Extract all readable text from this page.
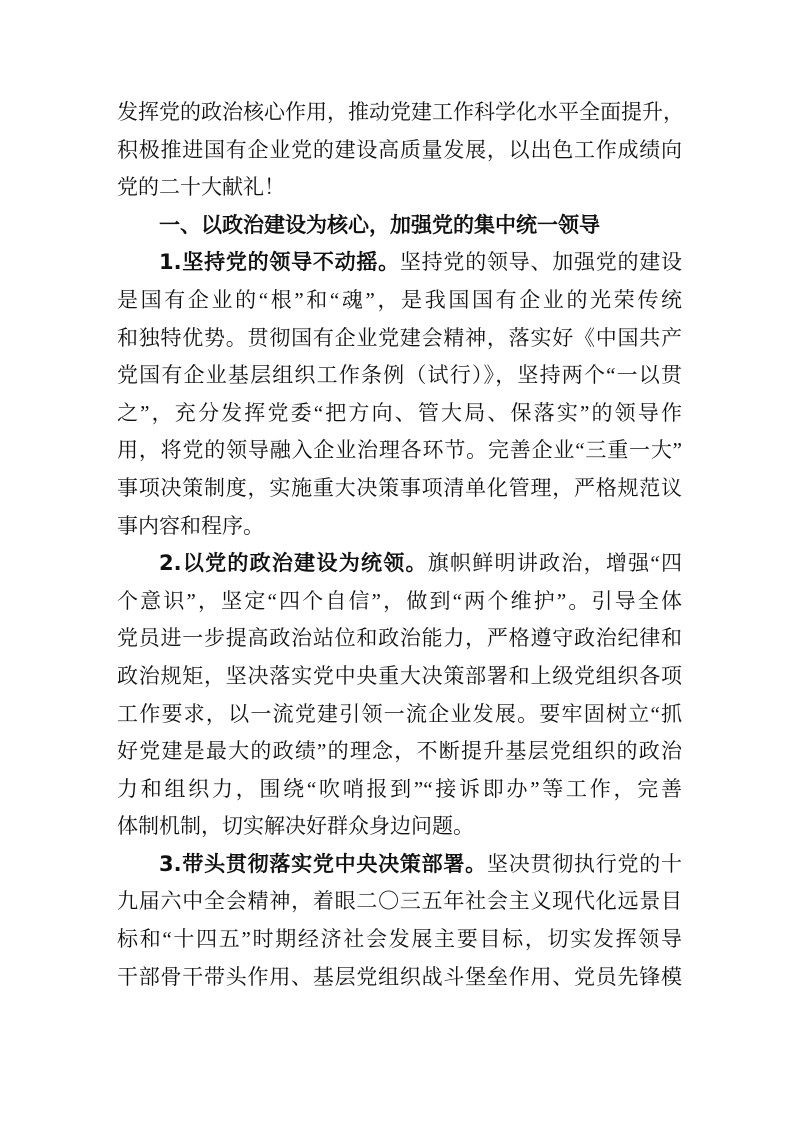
发挥党的政治核心作用，推动党建工作科学化水平全面提升，
积极推进国有企业党的建设高质量发展，以出色工作成绩向
党的二十大献礼！
一、以政治建设为核心，加强党的集中统一领导
1.坚持党的领导不动摇。坚持党的领导、加强党的建设
是国有企业的“根”和“魂”，是我国国有企业的光荣传统
和独特优势。贯彻国有企业党建会精神，落实好《中国共产
党国有企业基层组织工作条例（试行）》，坚持两个“一以贯
之”，充分发挥党委“把方向、管大局、保落实”的领导作
用，将党的领导融入企业治理各环节。完善企业“三重一大”
事项决策制度，实施重大决策事项清单化管理，严格规范议
事内容和程序。
2.以党的政治建设为统领。旗帜鲜明讲政治，增强“四
个意识”，坚定“四个自信”，做到“两个维护”。引导全体
党员进一步提高政治站位和政治能力，严格遵守政治纪律和
政治规矩，坚决落实党中央重大决策部署和上级党组织各项
工作要求，以一流党建引领一流企业发展。要牢固树立“抓
好党建是最大的政绩”的理念，不断提升基层党组织的政治
力和组织力，围绕“吹哨报到”“接诉即办”等工作，完善
体制机制，切实解决好群众身边问题。
3.带头贯彻落实党中央决策部署。坚决贯彻执行党的十
九届六中全会精神，着眼二〇三五年社会主义现代化远景目
标和“十四五”时期经济社会发展主要目标，切实发挥领导
干部骨干带头作用、基层党组织战斗堡垒作用、党员先锋模
